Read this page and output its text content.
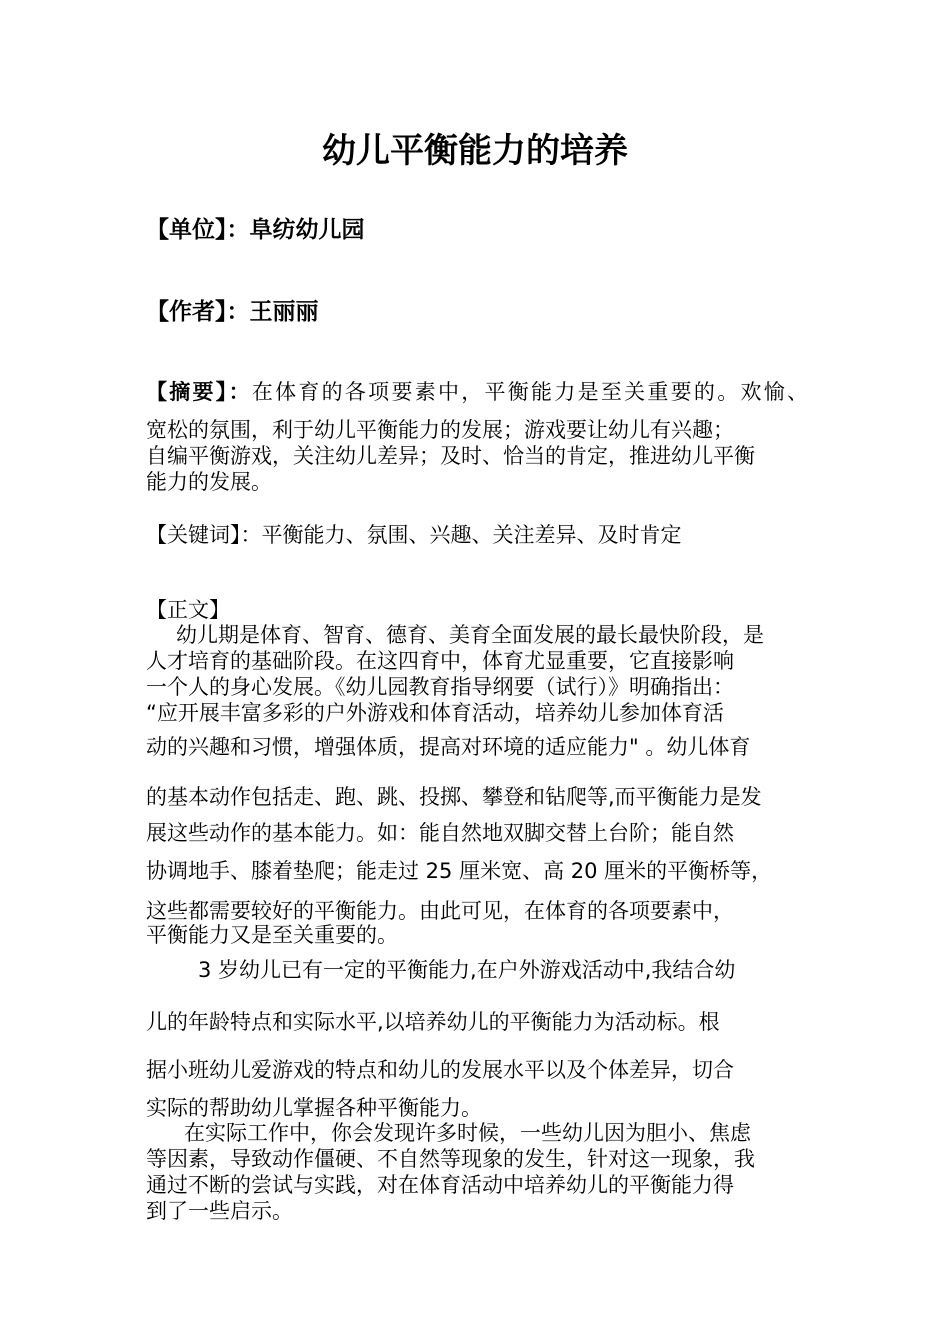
幼儿平衡能力的培养
【单位】：阜纺幼儿园
【作者】：王丽丽
【摘要】：在体育的各项要素中，平衡能力是至关重要的。欢愉、
宽松的氛围，利于幼儿平衡能力的发展；游戏要让幼儿有兴趣；
自编平衡游戏，关注幼儿差异；及时、恰当的肯定，推进幼儿平衡
能力的发展。
【关键词】：平衡能力、氛围、兴趣、关注差异、及时肯定
【正文】
幼儿期是体育、智育、德育、美育全面发展的最长最快阶段，是
人才培育的基础阶段。在这四育中，体育尤显重要，它直接影响
一个人的身心发展。《幼儿园教育指导纲要（试行）》明确指出：
“应开展丰富多彩的户外游戏和体育活动，培养幼儿参加体育活
动的兴趣和习惯，增强体质，提高对环境的适应能力" 。幼儿体育
的基本动作包括走、跑、跳、投掷、攀登和钻爬等,而平衡能力是发
展这些动作的基本能力。如：能自然地双脚交替上台阶；能自然
协调地手、膝着垫爬；能走过 25 厘米宽、高 20 厘米的平衡桥等，
这些都需要较好的平衡能力。由此可见，在体育的各项要素中，
平衡能力又是至关重要的。
3 岁幼儿已有一定的平衡能力,在户外游戏活动中,我结合幼
儿的年龄特点和实际水平,以培养幼儿的平衡能力为活动标。根
据小班幼儿爱游戏的特点和幼儿的发展水平以及个体差异，切合
实际的帮助幼儿掌握各种平衡能力。
在实际工作中，你会发现许多时候，一些幼儿因为胆小、焦虑
等因素，导致动作僵硬、不自然等现象的发生，针对这一现象，我
通过不断的尝试与实践，对在体育活动中培养幼儿的平衡能力得
到了一些启示。
